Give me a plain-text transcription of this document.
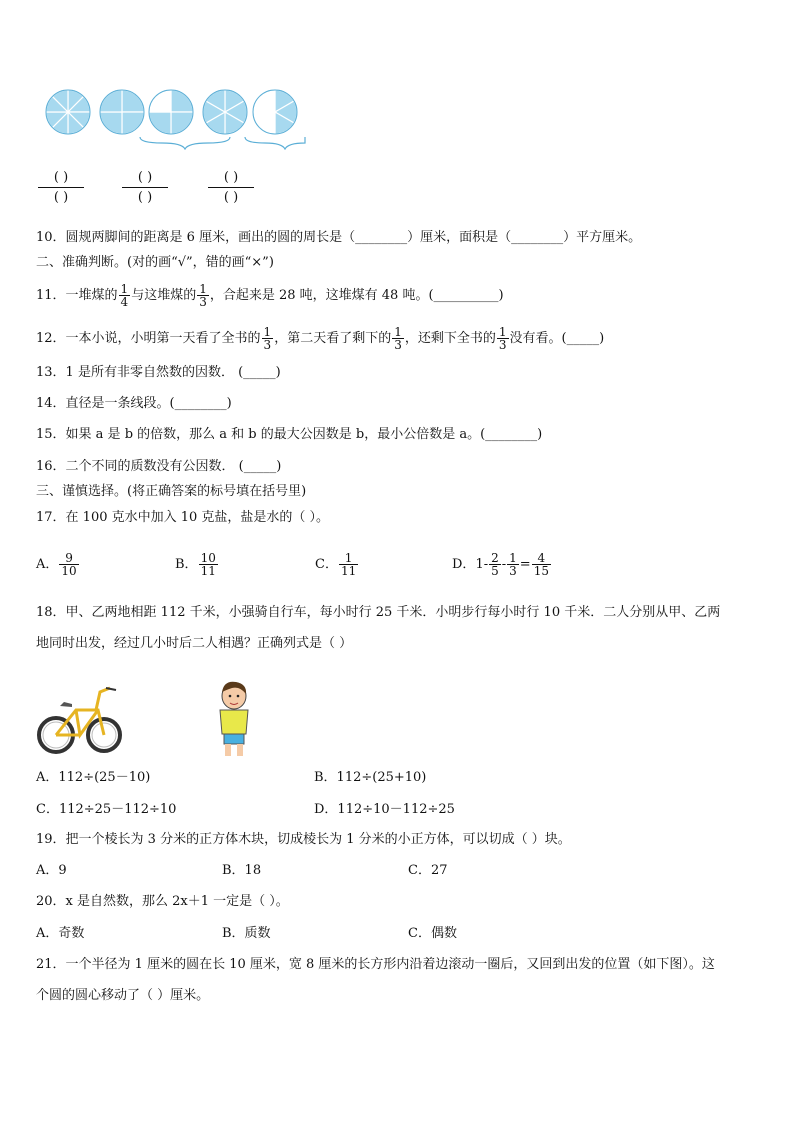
( )
( )
( )
( )
( )
( )
10．圆规两脚间的距离是 6 厘米，画出的圆的周长是（________）厘米，面积是（________）平方厘米。
二、准确判断。(对的画“√”，错的画“×”)
11．一堆煤的 $\frac{1}{4}$ 与这堆煤的 $\frac{1}{3}$ ，合起来是 28 吨，这堆煤有 48 吨。(__________)
12．一本小说，小明第一天看了全书的 $\frac{1}{3}$ ，第二天看了剩下的 $\frac{1}{3}$ ，还剩下全书的 $\frac{1}{3}$ 没有看。(_____)
13．1 是所有非零自然数的因数． (_____)
14．直径是一条线段。(________)
15．如果 a 是 b 的倍数，那么 a 和 b 的最大公因数是 b，最小公倍数是 a。(________)
16．二个不同的质数没有公因数． (_____)
三、谨慎选择。(将正确答案的标号填在括号里)
17．在 100 克水中加入 10 克盐，盐是水的（ ）。
A． $\frac{9}{10}$	B． $\frac{10}{11}$	C． $\frac{1}{11}$	D．$1- \frac{2}{5} - \frac{1}{3} = \frac{4}{15}$
18．甲、乙两地相距 112 千米，小强骑自行车，每小时行 25 千米．小明步行每小时行 10 千米．二人分别从甲、乙两
地同时出发，经过几小时后二人相遇？正确列式是（ ）
A．112÷(25－10)	B．112÷(25+10)
C．112÷25－112÷10	D．112÷10－112÷25
19．把一个棱长为 3 分米的正方体木块，切成棱长为 1 分米的小正方体，可以切成（ ）块。
A．9	B．18	C．27
20．x 是自然数，那么 2x＋1 一定是（ ）。
A．奇数	B．质数	C．偶数
21．一个半径为 1 厘米的圆在长 10 厘米，宽 8 厘米的长方形内沿着边滚动一圈后，又回到出发的位置（如下图）。这
个圆的圆心移动了（ ）厘米。
